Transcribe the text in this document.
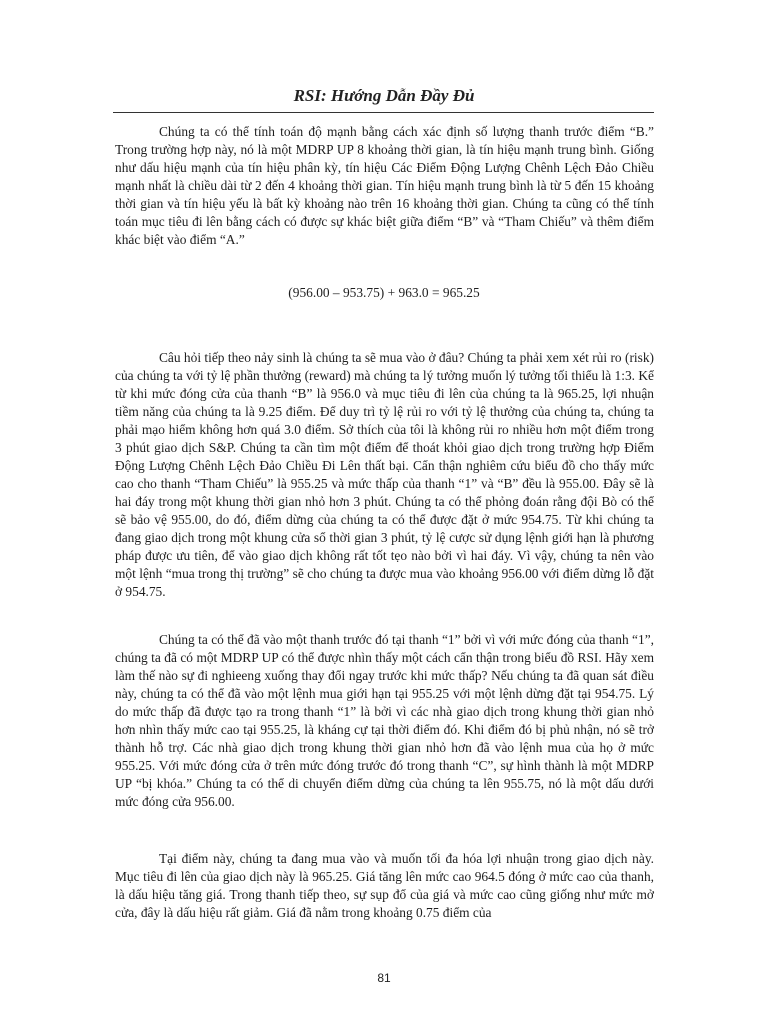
RSI: Hướng Dẫn Đầy Đủ

Chúng ta có thể tính toán độ mạnh bằng cách xác định số lượng thanh trước điểm “B.” Trong trường hợp này, nó là một MDRP UP 8 khoảng thời gian, là tín hiệu mạnh trung bình. Giống như dấu hiệu mạnh của tín hiệu phân kỳ, tín hiệu Các Điểm Động Lượng Chênh Lệch Đảo Chiều mạnh nhất là chiều dài từ 2 đến 4 khoảng thời gian. Tín hiệu mạnh trung bình là từ 5 đến 15 khoảng thời gian và tín hiệu yếu là bất kỳ khoảng nào trên 16 khoảng thời gian. Chúng ta cũng có thể tính toán mục tiêu đi lên bằng cách có được sự khác biệt giữa điểm “B” và “Tham Chiếu” và thêm điểm khác biệt vào điểm “A.”

(956.00 – 953.75) + 963.0 = 965.25

Câu hỏi tiếp theo nảy sinh là chúng ta sẽ mua vào ở đâu? Chúng ta phải xem xét rủi ro (risk) của chúng ta với tỷ lệ phần thưởng (reward) mà chúng ta lý tưởng muốn lý tưởng tối thiểu là 1:3. Kể từ khi mức đóng cửa của thanh “B” là 956.0 và mục tiêu đi lên của chúng ta là 965.25, lợi nhuận tiềm năng của chúng ta là 9.25 điểm. Để duy trì tỷ lệ rủi ro với tỷ lệ thưởng của chúng ta, chúng ta phải mạo hiểm không hơn quá 3.0 điểm. Sở thích của tôi là không rủi ro nhiều hơn một điểm trong 3 phút giao dịch S&P. Chúng ta cần tìm một điểm để thoát khỏi giao dịch trong trường hợp Điểm Động Lượng Chênh Lệch Đảo Chiều Đi Lên thất bại. Cẩn thận nghiêm cứu biểu đồ cho thấy mức cao cho thanh “Tham Chiếu” là 955.25 và mức thấp của thanh “1” và “B” đều là 955.00. Đây sẽ là hai đáy trong một khung thời gian nhỏ hơn 3 phút. Chúng ta có thể phỏng đoán rằng đội Bò có thể sẽ bảo vệ 955.00, do đó, điểm dừng của chúng ta có thể được đặt ở mức 954.75. Từ khi chúng ta đang giao dịch trong một khung cửa sổ thời gian 3 phút, tỷ lệ cược sử dụng lệnh giới hạn là phương pháp được ưu tiên, để vào giao dịch không rất tốt tẹo nào bởi vì hai đáy. Vì vậy, chúng ta nên vào một lệnh “mua trong thị trường” sẽ cho chúng ta được mua vào khoảng 956.00 với điểm dừng lỗ đặt ở 954.75.

Chúng ta có thể đã vào một thanh trước đó tại thanh “1” bởi vì với mức đóng của thanh “1”, chúng ta đã có một MDRP UP có thể được nhìn thấy một cách cẩn thận trong biểu đồ RSI. Hãy xem làm thế nào sự đi nghieeng xuống thay đổi ngay trước khi mức thấp? Nếu chúng ta đã quan sát điều này, chúng ta có thể đã vào một lệnh mua giới hạn tại 955.25 với một lệnh dừng đặt tại 954.75. Lý do mức thấp đã được tạo ra trong thanh “1” là bởi vì các nhà giao dịch trong khung thời gian nhỏ hơn nhìn thấy mức cao tại 955.25, là kháng cự tại thời điểm đó. Khi điểm đó bị phủ nhận, nó sẽ trở thành hỗ trợ. Các nhà giao dịch trong khung thời gian nhỏ hơn đã vào lệnh mua của họ ở mức 955.25. Với mức đóng cửa ở trên mức đóng trước đó trong thanh “C”, sự hình thành là một MDRP UP “bị khóa.” Chúng ta có thể di chuyển điểm dừng của chúng ta lên 955.75, nó là một dấu dưới mức đóng cửa 956.00.

Tại điểm này, chúng ta đang mua vào và muốn tối đa hóa lợi nhuận trong giao dịch này. Mục tiêu đi lên của giao dịch này là 965.25. Giá tăng lên mức cao 964.5 đóng ở mức cao của thanh, là dấu hiệu tăng giá. Trong thanh tiếp theo, sự sụp đổ của giá và mức cao cũng giống như mức mở cửa, đây là dấu hiệu rất giảm. Giá đã nằm trong khoảng 0.75 điểm của

81
